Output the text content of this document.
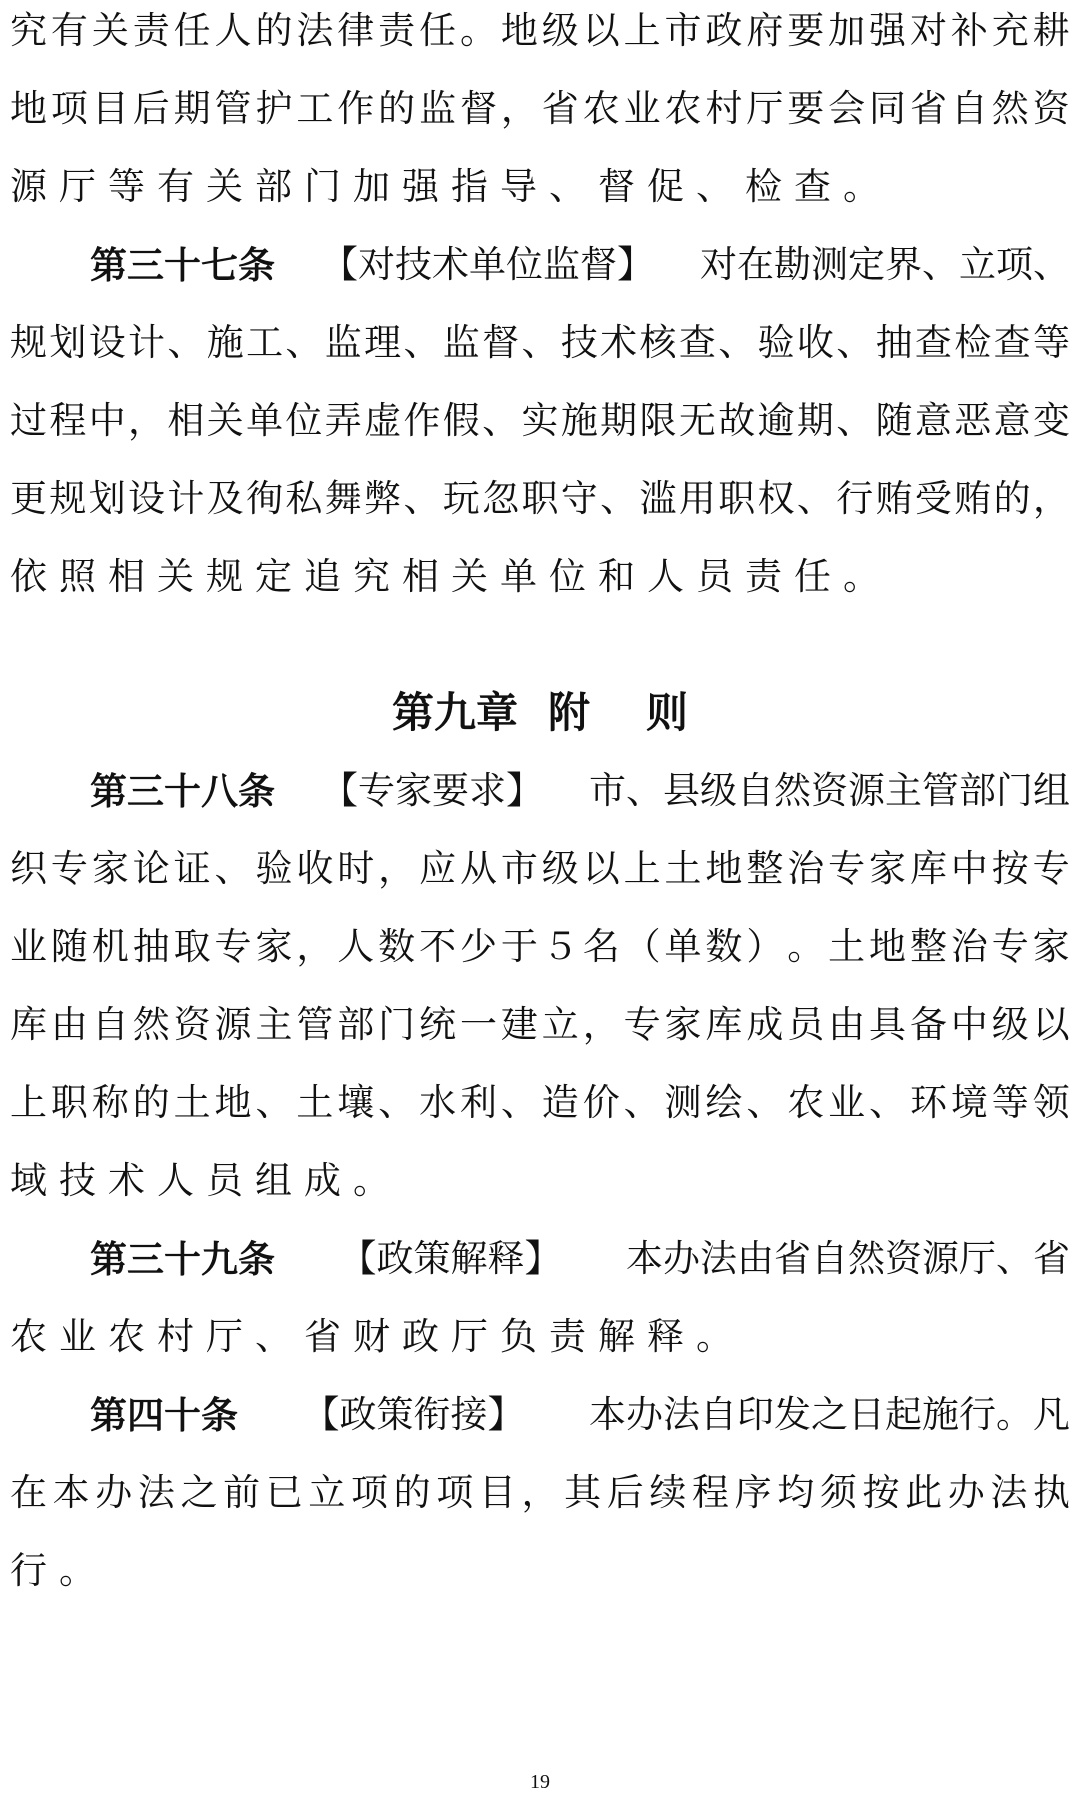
究 有 关 责 任 人 的 法 律 责 任 。 地 级 以 上 市 政 府 要 加 强 对 补 充 耕
地 项 目 后 期 管 护 工 作 的 监 督 ， 省 农 业 农 村 厅 要 会 同 省 自 然 资
源厅等有关部门加强指导、督促、检查。
第三十七条 【对技术单位监督】 对在勘测定界、立项、
规 划 设 计 、 施 工 、 监 理 、 监 督 、 技 术 核 查 、 验 收 、 抽 查 检 查 等
过 程 中 ， 相 关 单 位 弄 虚 作 假 、 实 施 期 限 无 故 逾 期 、 随 意 恶 意 变
更 规 划 设 计 及 徇 私 舞 弊 、 玩 忽 职 守 、 滥 用 职 权 、 行 贿 受 贿 的 ，
依照相关规定追究相关单位和人员责任。
第九章 附 则
第三十八条 【专家要求】 市、县级自然资源主管部门组
织 专 家 论 证 、 验 收 时 ， 应 从 市 级 以 上 土 地 整 治 专 家 库 中 按 专
业 随 机 抽 取 专 家 ， 人 数 不 少 于 ５ 名 （ 单 数 ） 。 土 地 整 治 专 家
库 由 自 然 资 源 主 管 部 门 统 一 建 立 ， 专 家 库 成 员 由 具 备 中 级 以
上 职 称 的 土 地 、 土 壤 、 水 利 、 造 价 、 测 绘 、 农 业 、 环 境 等 领
域技术人员组成。
第三十九条 【政策解释】 本办法由省自然资源厅、省
农业农村厅、省财政厅负责解释。
第四十条 【政策衔接】 本办法自印发之日起施行。凡
在 本 办 法 之 前 已 立 项 的 项 目 ， 其 后 续 程 序 均 须 按 此 办 法 执
行。
19
